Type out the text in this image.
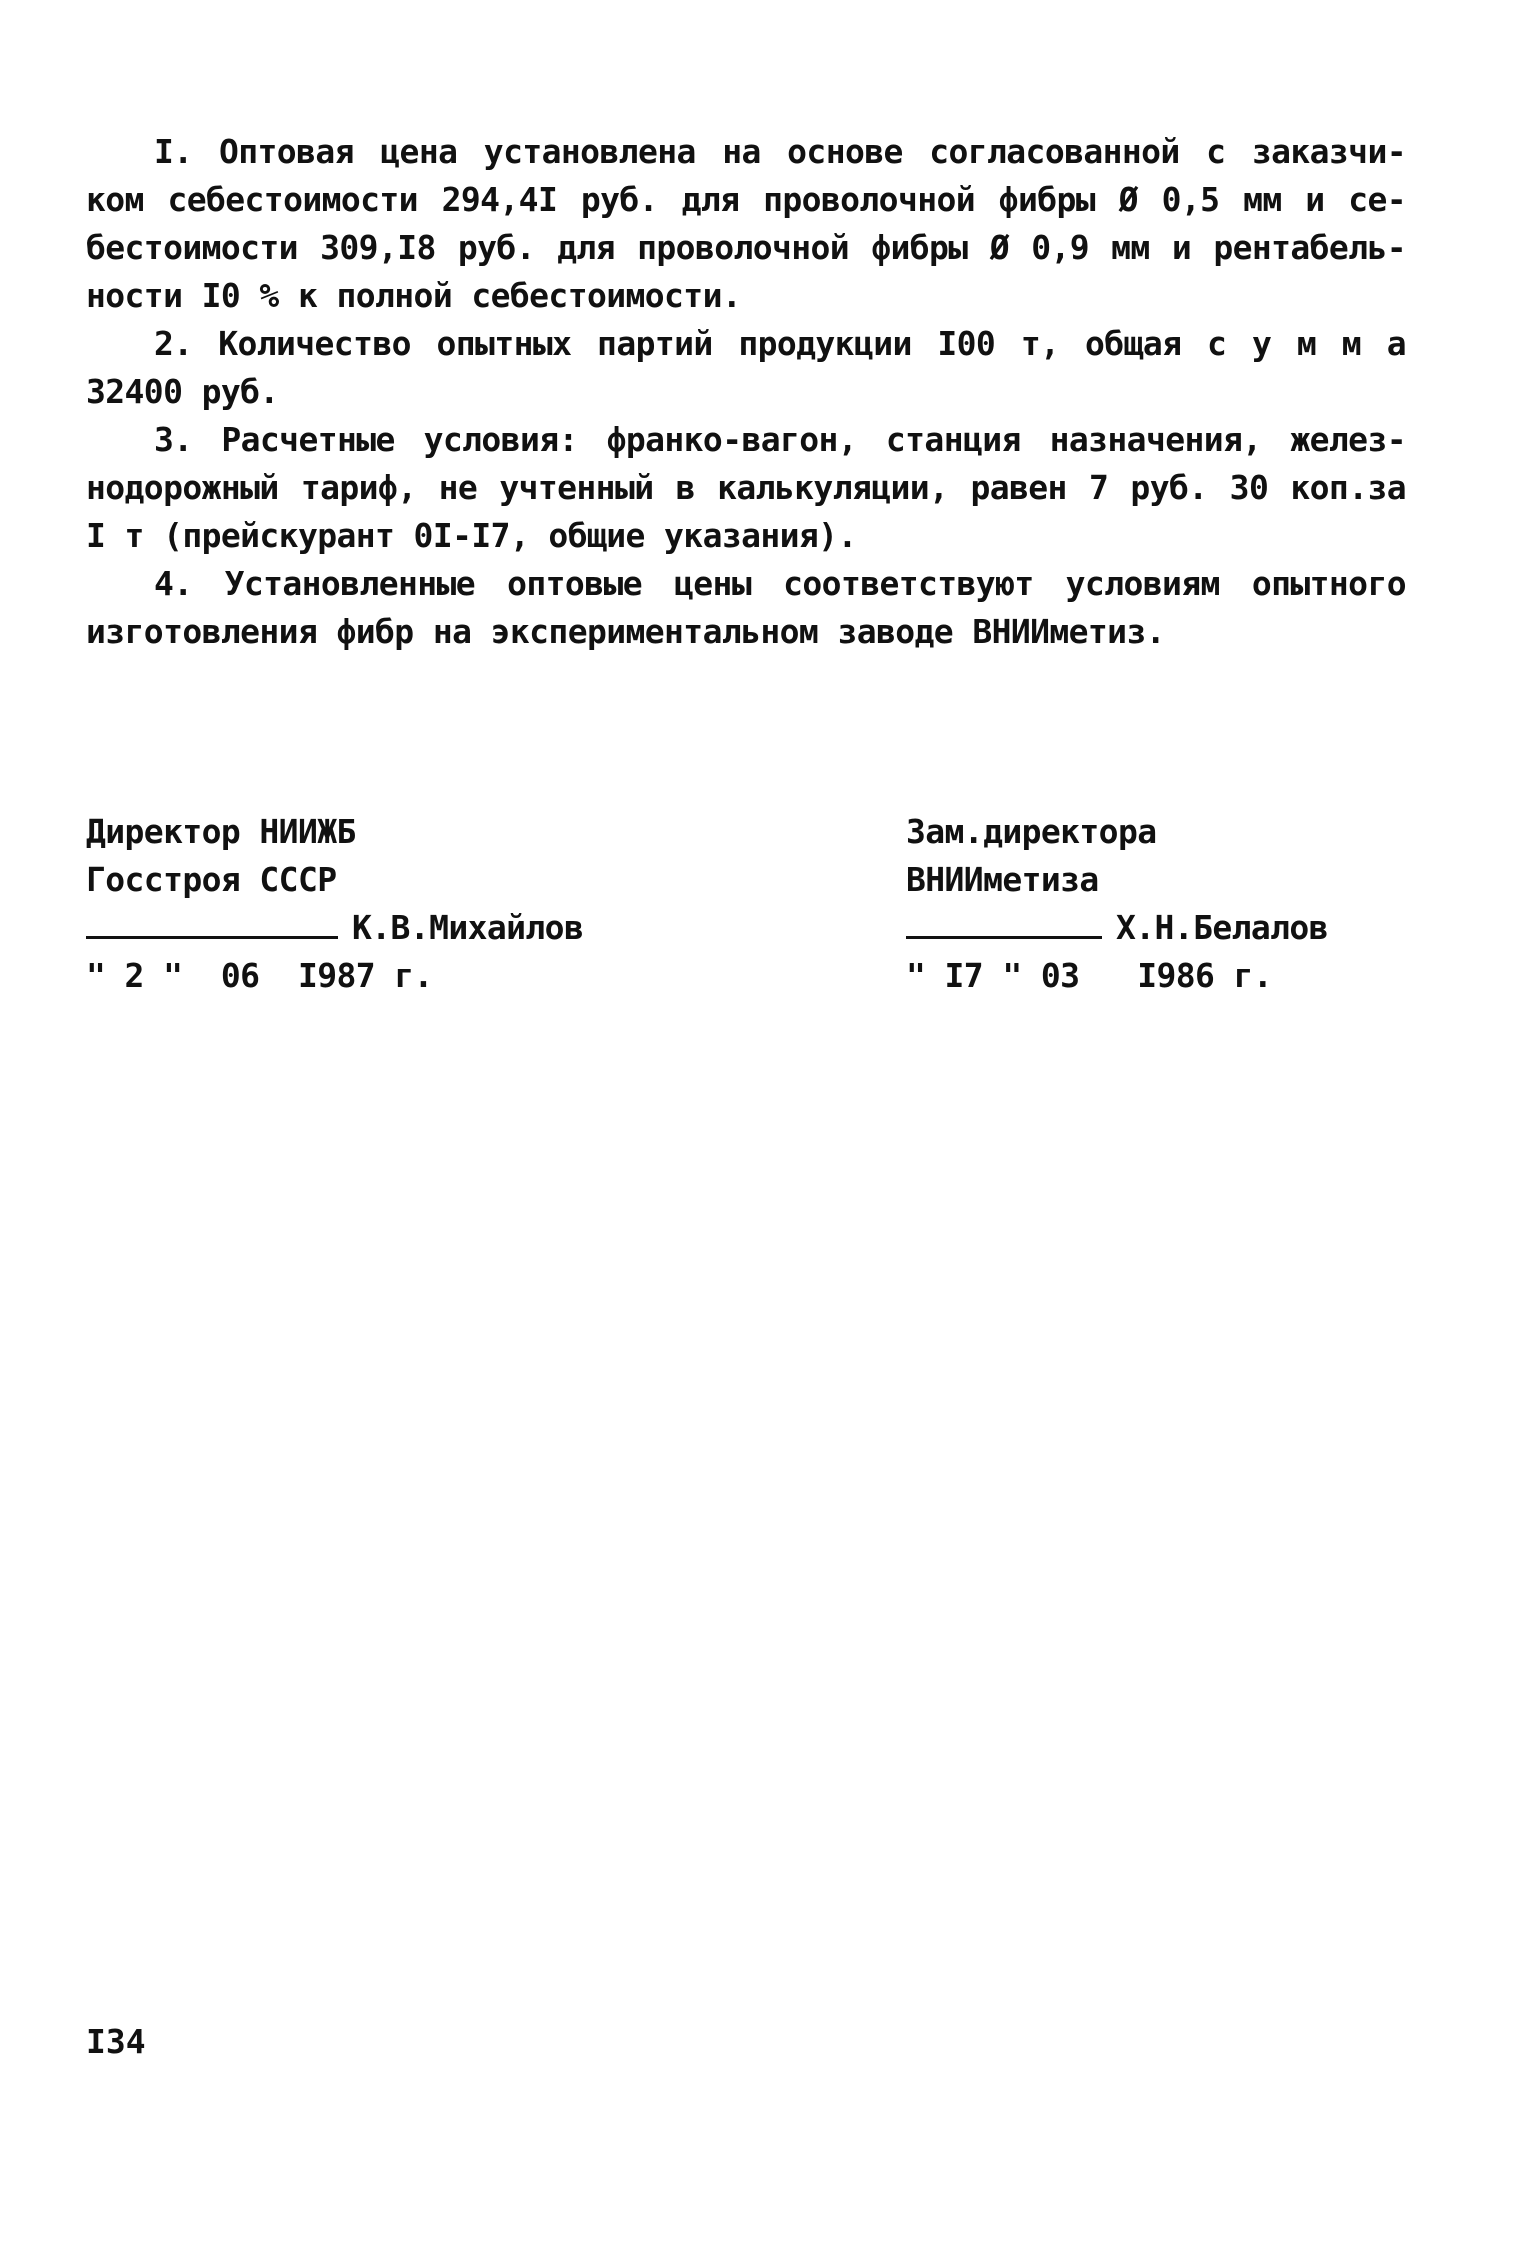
I. Оптовая цена установлена на основе согласованной с заказчи-
ком себестоимости 294,4I руб. для проволочной фибры Ø 0,5 мм и се-
бестоимости 309,I8 руб. для проволочной фибры Ø 0,9 мм и рентабель-
ности I0 % к полной себестоимости.
2. Количество опытных партий продукции I00 т, общая с у м м а
32400 руб.
3. Расчетные условия: франко-вагон, станция назначения, желез-
нодорожный тариф, не учтенный в калькуляции, равен 7 руб. 30 коп.за
I т (прейскурант 0I-I7, общие указания).
4. Установленные оптовые цены соответствуют условиям опытного
изготовления фибр на экспериментальном заводе ВНИИметиз.
Директор НИИЖБ
Госстроя СССР
К.В.Михайлов
" 2 "  06  I987 г.
Зам.директора
ВНИИметиза
Х.Н.Белалов
" I7 " 03   I986 г.
I34
